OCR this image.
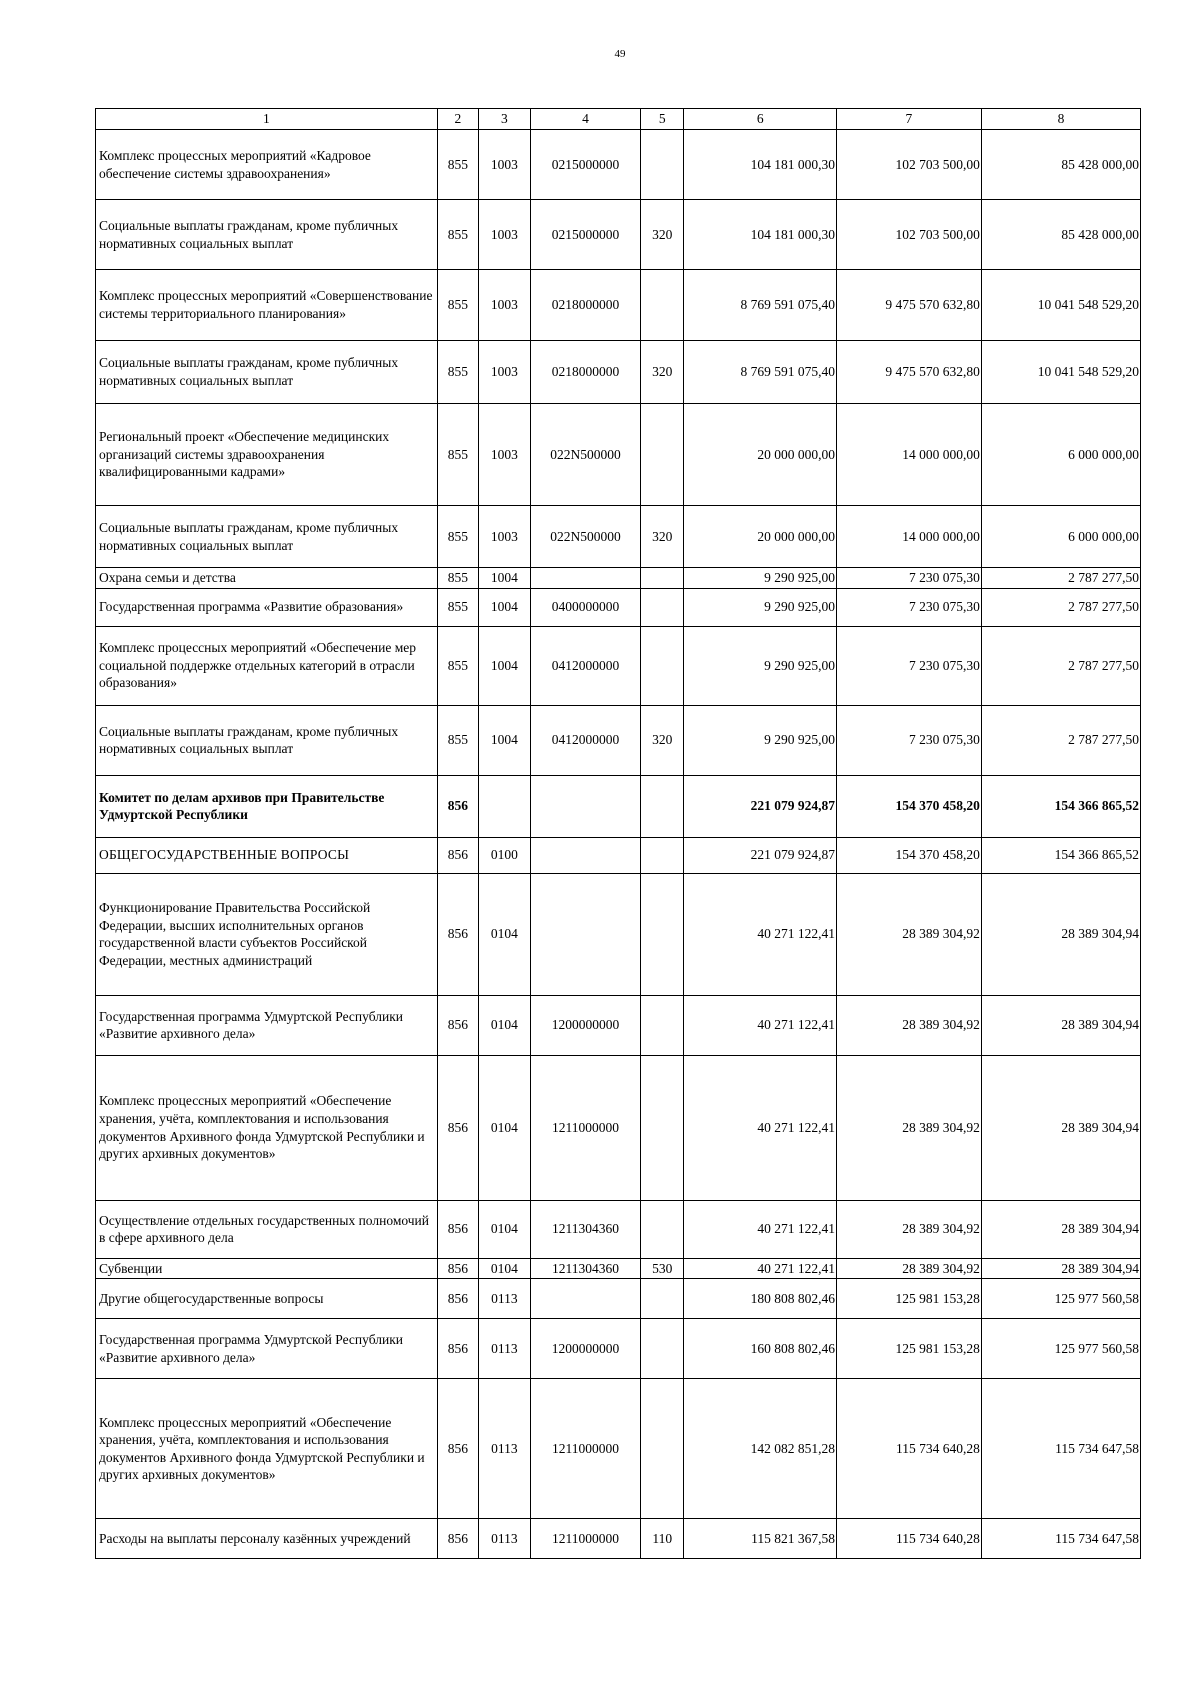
49
1	2	3	4	5	6	7	8
Комплекс процессных мероприятий «Кадровое обеспечение системы здравоохранения»	855	1003	0215000000		104 181 000,30	102 703 500,00	85 428 000,00
Социальные выплаты гражданам, кроме публичных нормативных социальных выплат	855	1003	0215000000	320	104 181 000,30	102 703 500,00	85 428 000,00
Комплекс процессных мероприятий «Совершенствование системы территориального планирования»	855	1003	0218000000		8 769 591 075,40	9 475 570 632,80	10 041 548 529,20
Социальные выплаты гражданам, кроме публичных нормативных социальных выплат	855	1003	0218000000	320	8 769 591 075,40	9 475 570 632,80	10 041 548 529,20
Региональный проект «Обеспечение медицинских организаций системы здравоохранения квалифицированными кадрами»	855	1003	022N500000		20 000 000,00	14 000 000,00	6 000 000,00
Социальные выплаты гражданам, кроме публичных нормативных социальных выплат	855	1003	022N500000	320	20 000 000,00	14 000 000,00	6 000 000,00
Охрана семьи и детства	855	1004			9 290 925,00	7 230 075,30	2 787 277,50
Государственная программа «Развитие образования»	855	1004	0400000000		9 290 925,00	7 230 075,30	2 787 277,50
Комплекс процессных мероприятий «Обеспечение мер социальной поддержке отдельных категорий в отрасли образования»	855	1004	0412000000		9 290 925,00	7 230 075,30	2 787 277,50
Социальные выплаты гражданам, кроме публичных нормативных социальных выплат	855	1004	0412000000	320	9 290 925,00	7 230 075,30	2 787 277,50
Комитет по делам архивов при Правительстве Удмуртской Республики	856				221 079 924,87	154 370 458,20	154 366 865,52
ОБЩЕГОСУДАРСТВЕННЫЕ ВОПРОСЫ	856	0100			221 079 924,87	154 370 458,20	154 366 865,52
Функционирование Правительства Российской Федерации, высших исполнительных органов государственной власти субъектов Российской Федерации, местных администраций	856	0104			40 271 122,41	28 389 304,92	28 389 304,94
Государственная программа Удмуртской Республики «Развитие архивного дела»	856	0104	1200000000		40 271 122,41	28 389 304,92	28 389 304,94
Комплекс процессных мероприятий «Обеспечение хранения, учёта, комплектования и использования документов Архивного фонда Удмуртской Республики и других архивных документов»	856	0104	1211000000		40 271 122,41	28 389 304,92	28 389 304,94
Осуществление отдельных государственных полномочий в сфере архивного дела	856	0104	1211304360		40 271 122,41	28 389 304,92	28 389 304,94
Субвенции	856	0104	1211304360	530	40 271 122,41	28 389 304,92	28 389 304,94
Другие общегосударственные вопросы	856	0113			180 808 802,46	125 981 153,28	125 977 560,58
Государственная программа Удмуртской Республики «Развитие архивного дела»	856	0113	1200000000		160 808 802,46	125 981 153,28	125 977 560,58
Комплекс процессных мероприятий «Обеспечение хранения, учёта, комплектования и использования документов Архивного фонда Удмуртской Республики и других архивных документов»	856	0113	1211000000		142 082 851,28	115 734 640,28	115 734 647,58
Расходы на выплаты персоналу казённых учреждений	856	0113	1211000000	110	115 821 367,58	115 734 640,28	115 734 647,58
